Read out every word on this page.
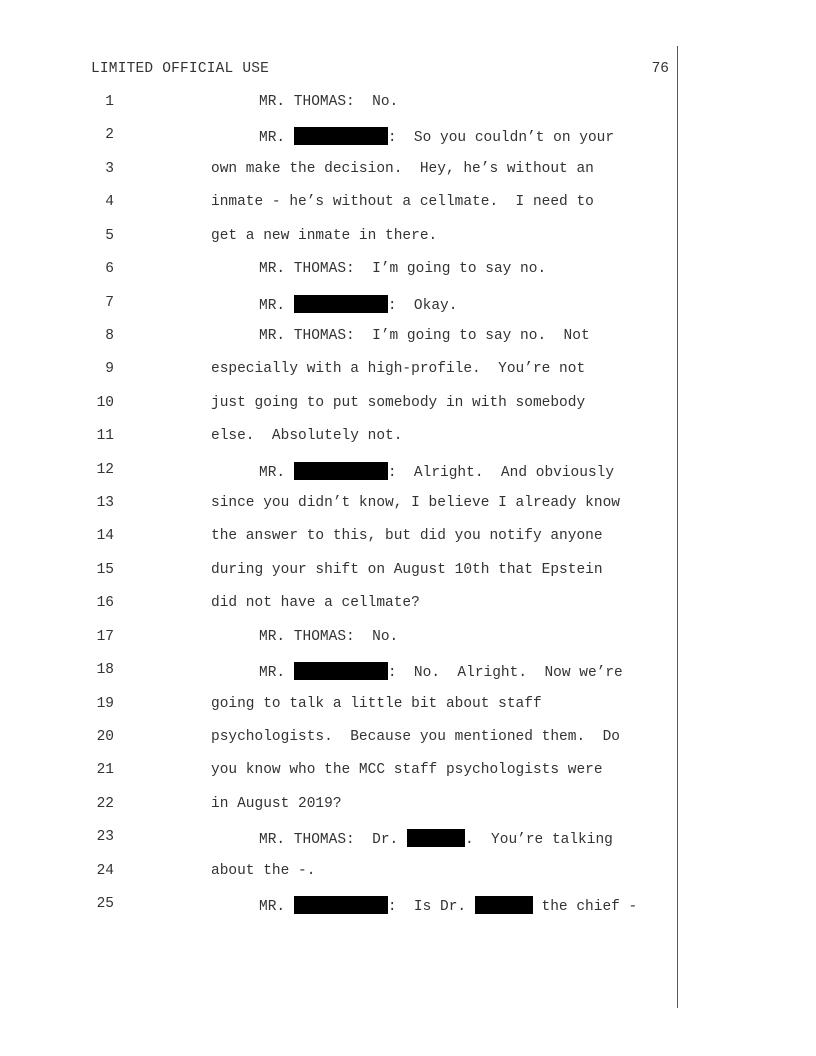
LIMITED OFFICIAL USE	76
1	MR. THOMAS:  No.
2	MR.	:  So you couldn’t on your
3	own make the decision.  Hey, he’s without an
4	inmate - he’s without a cellmate.  I need to
5	get a new inmate in there.
6	MR. THOMAS:  I’m going to say no.
7	MR.	:  Okay.
8	MR. THOMAS:  I’m going to say no.  Not
9	especially with a high-profile.  You’re not
10	just going to put somebody in with somebody
11	else.  Absolutely not.
12	MR.	:  Alright.  And obviously
13	since you didn’t know, I believe I already know
14	the answer to this, but did you notify anyone
15	during your shift on August 10th that Epstein
16	did not have a cellmate?
17	MR. THOMAS:  No.
18	MR.	:  No.  Alright.  Now we’re
19	going to talk a little bit about staff
20	psychologists.  Because you mentioned them.  Do
21	you know who the MCC staff psychologists were
22	in August 2019?
23	MR. THOMAS:  Dr.	.  You’re talking
24	about the -.
25	MR.	:  Is Dr.	the chief -
